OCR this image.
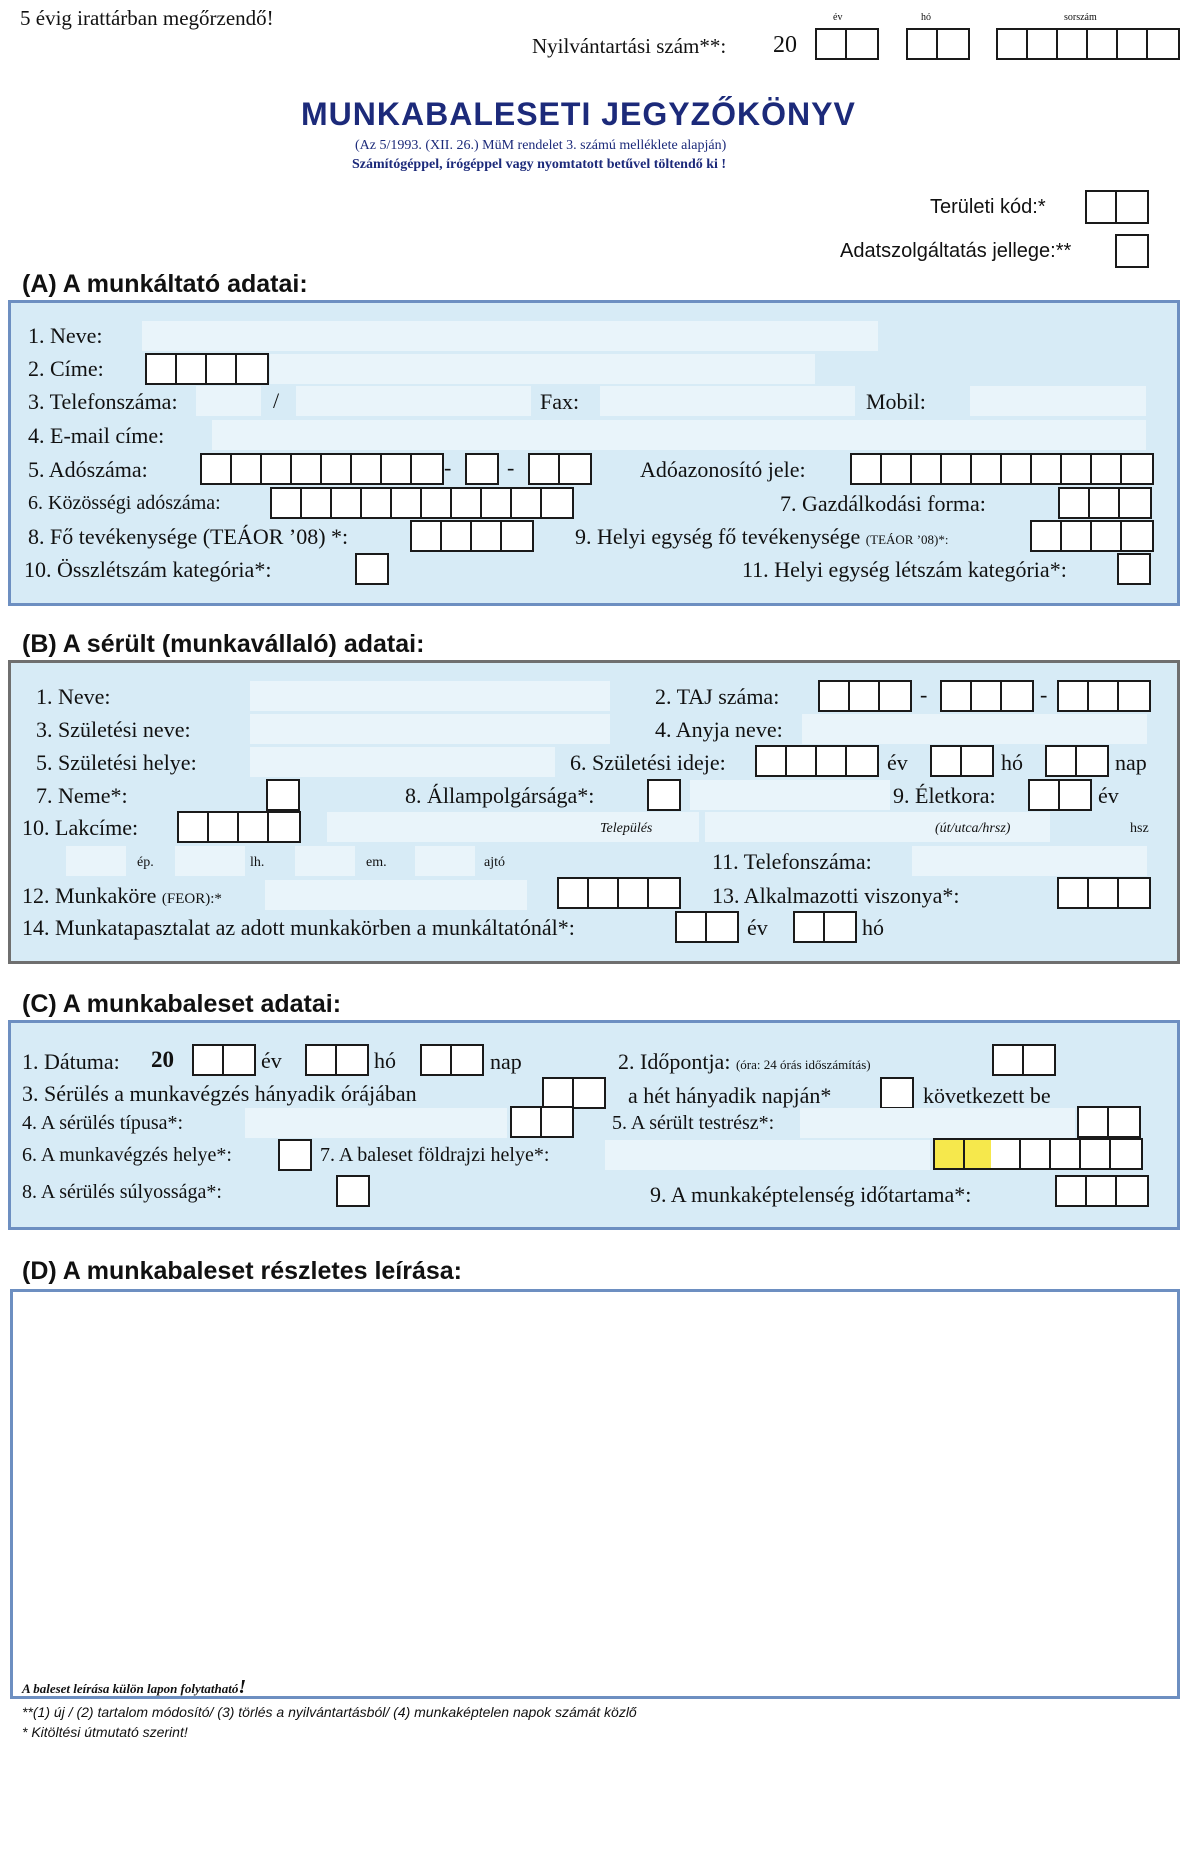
5 évig irattárban megőrzendő!	év	hó	sorszám
Nyilvántartási szám**: 20
MUNKABALESETI JEGYZŐKÖNYV
(Az 5/1993. (XII. 26.) MüM rendelet 3. számú melléklete alapján)
Számítógéppel, írógéppel vagy nyomtatott betűvel töltendő ki !
Területi kód:*
Adatszolgáltatás jellege:**
(A) A munkáltató adatai:
1. Neve:
2. Címe:
3. Telefonszáma:	/	Fax:	Mobil:
4. E-mail címe:
5. Adószáma:	-	-	Adóazonosító jele:
6. Közösségi adószáma:	7. Gazdálkodási forma:
8. Fő tevékenysége (TEÁOR ’08) *:	9. Helyi egység fő tevékenysége (TEÁOR ’08)*:
10. Összlétszám kategória*:	11. Helyi egység létszám kategória*:
(B) A sérült (munkavállaló) adatai:
1. Neve:	2. TAJ száma:	-	-
3. Születési neve:	4. Anyja neve:
5. Születési helye:	6. Születési ideje:	év	hó	nap
7. Neme*:	8. Állampolgársága*:	9. Életkora:	év
10. Lakcíme:	Település	(út/utca/hrsz)	hsz
ép.	lh.	em.	ajtó	11. Telefonszáma:
12. Munkaköre (FEOR):*	13. Alkalmazotti viszonya*:
14. Munkatapasztalat az adott munkakörben a munkáltatónál*:	év	hó
(C) A munkabaleset adatai:
1. Dátuma: 20	év	hó	nap	2. Időpontja: (óra: 24 órás időszámítás)
3. Sérülés a munkavégzés hányadik órájában	a hét hányadik napján*	következett be
4. A sérülés típusa*:	5. A sérült testrész*:
6. A munkavégzés helye*:	7. A baleset földrajzi helye*:
8. A sérülés súlyossága*:	9. A munkaképtelenség időtartama*:
(D) A munkabaleset részletes leírása:
A baleset leírása külön lapon folytatható!
**(1) új / (2) tartalom módosító/ (3) törlés a nyilvántartásból/ (4) munkaképtelen napok számát közlő
* Kitöltési útmutató szerint!
